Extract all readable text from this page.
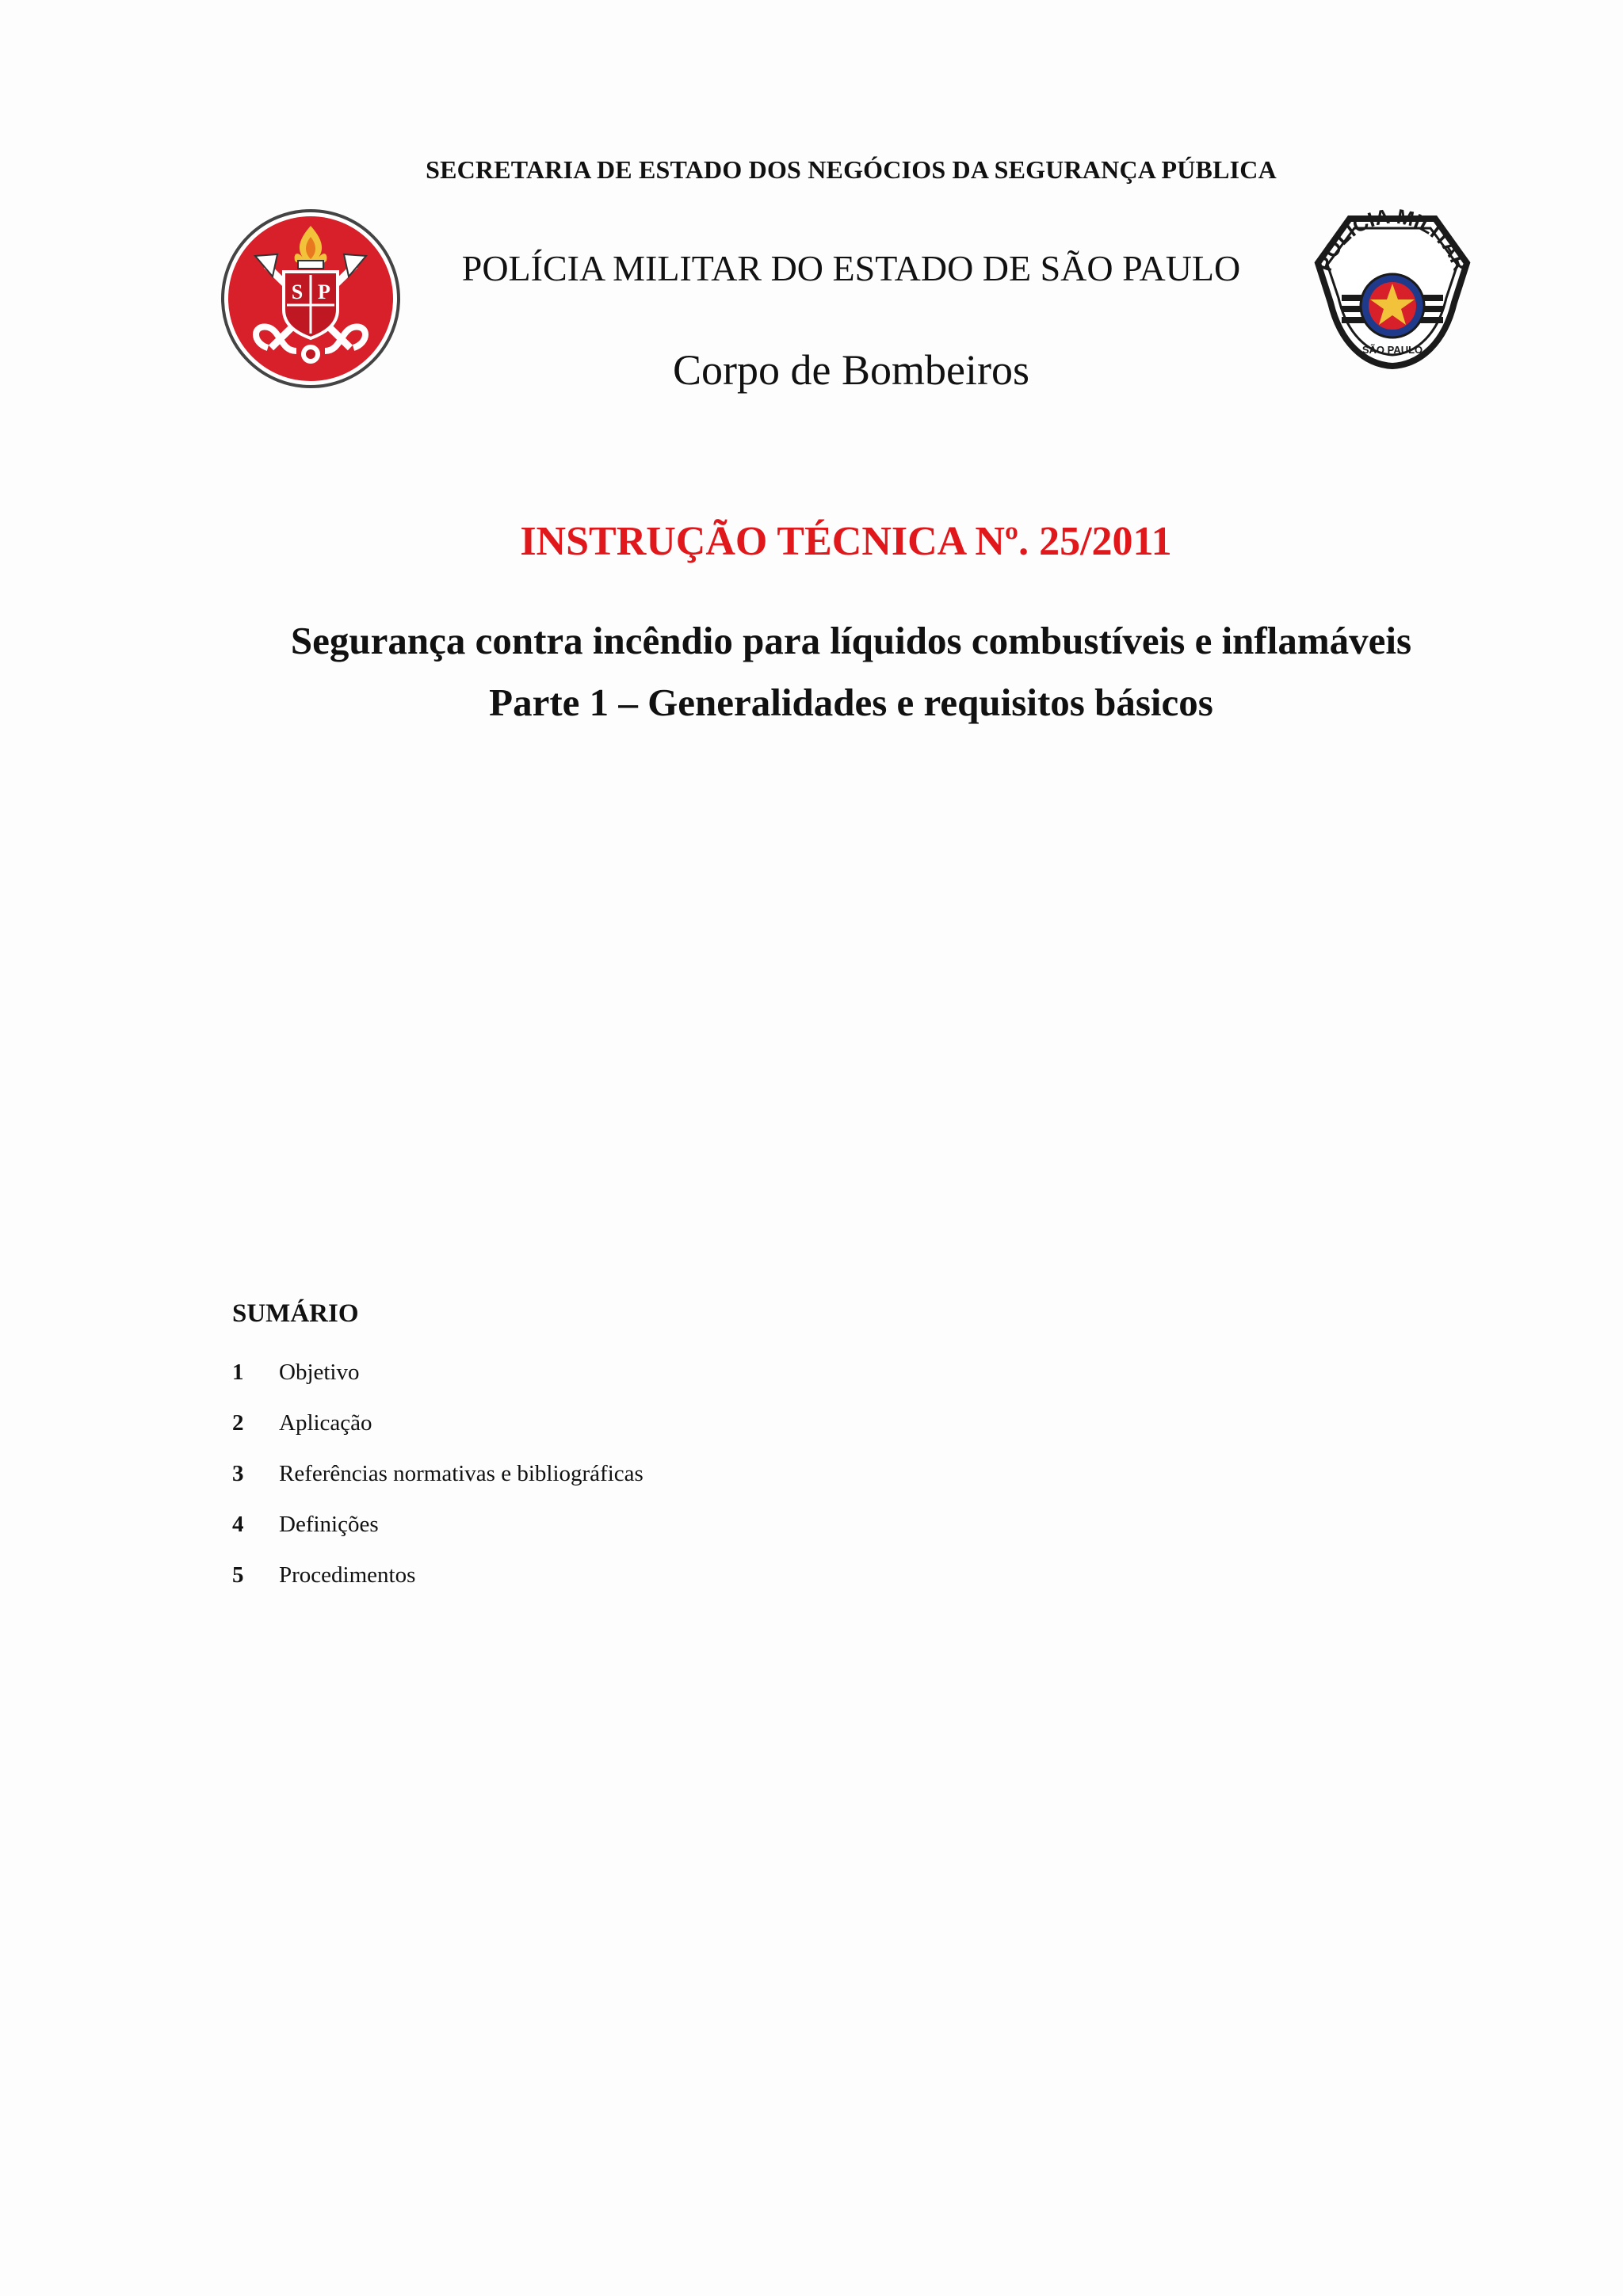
SECRETARIA DE ESTADO DOS NEGÓCIOS DA SEGURANÇA PÚBLICA
S P
POLÍCIA MILITAR DO ESTADO DE SÃO PAULO	POLICIA MILITAR
SÃO PAULO
Corpo de Bombeiros
INSTRUÇÃO TÉCNICA Nº. 25/2011
Segurança contra incêndio para líquidos combustíveis e inflamáveis
Parte 1 – Generalidades e requisitos básicos
SUMÁRIO
1	Objetivo
2	Aplicação
3	Referências normativas e bibliográficas
4	Definições
5	Procedimentos
